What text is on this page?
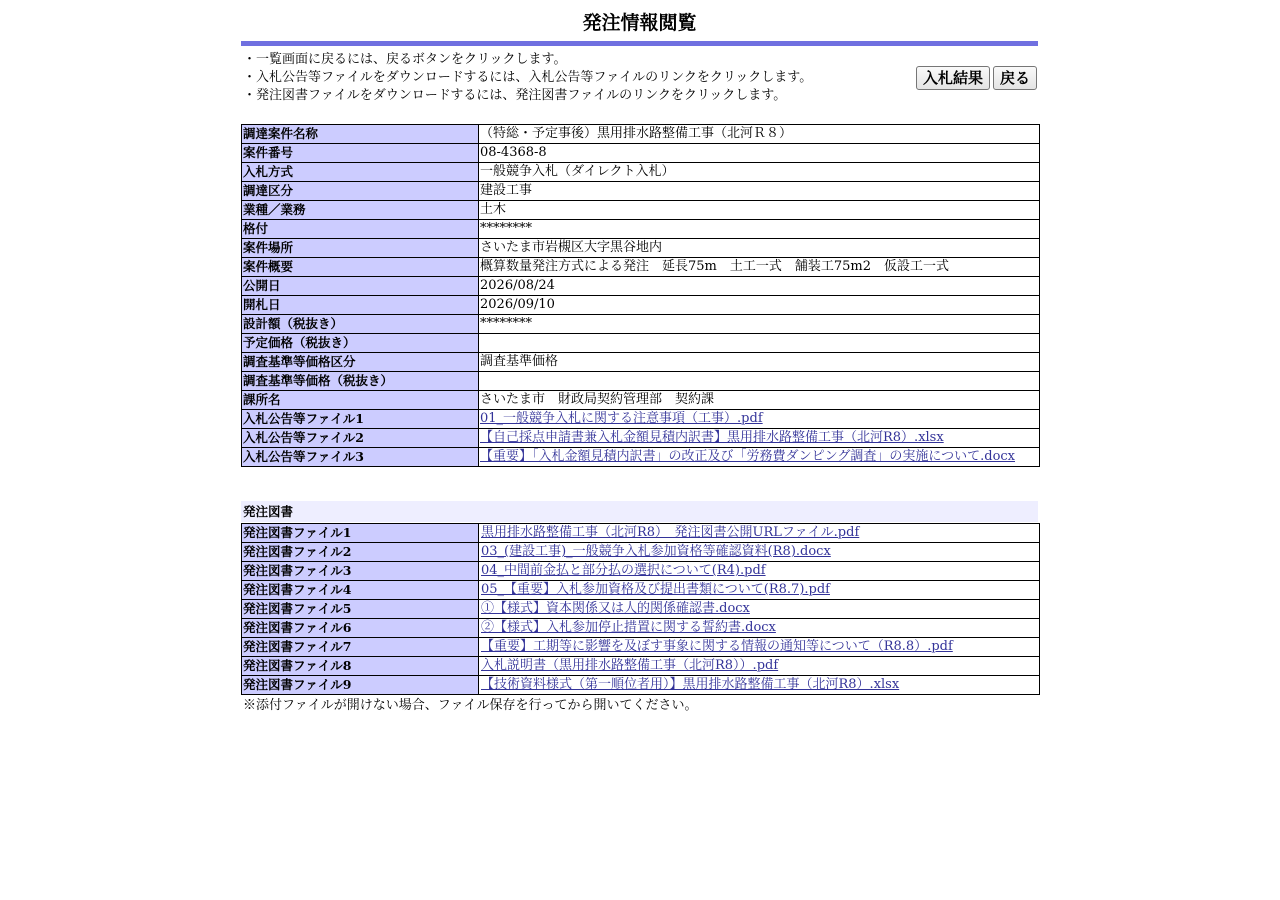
発注情報閲覧
・一覧画面に戻るには、戻るボタンをクリックします。
・入札公告等ファイルをダウンロードするには、入札公告等ファイルのリンクをクリックします。
・発注図書ファイルをダウンロードするには、発注図書ファイルのリンクをクリックします。
入札結果	戻る
調達案件名称	（特総・予定事後）黒用排水路整備工事（北河Ｒ８）
案件番号	08-4368-8
入札方式	一般競争入札（ダイレクト入札）
調達区分	建設工事
業種／業務	土木
格付	********
案件場所	さいたま市岩槻区大字黒谷地内
案件概要	概算数量発注方式による発注　延長75m　土工一式　舗装工75m2　仮設工一式
公開日	2026/08/24
開札日	2026/09/10
設計額（税抜き）	********
予定価格（税抜き）	
調査基準等価格区分	調査基準価格
調査基準等価格（税抜き）	
課所名	さいたま市　財政局契約管理部　契約課
入札公告等ファイル1	01_一般競争入札に関する注意事項（工事）.pdf
入札公告等ファイル2	【自己採点申請書兼入札金額見積内訳書】黒用排水路整備工事（北河R8）.xlsx
入札公告等ファイル3	【重要】「入札金額見積内訳書」の改正及び「労務費ダンピング調査」の実施について.docx
発注図書
発注図書ファイル1	黒用排水路整備工事（北河R8）　発注図書公開URLファイル.pdf
発注図書ファイル2	03_(建設工事)_一般競争入札参加資格等確認資料(R8).docx
発注図書ファイル3	04_中間前金払と部分払の選択について(R4).pdf
発注図書ファイル4	05_【重要】入札参加資格及び提出書類について(R8.7).pdf
発注図書ファイル5	①【様式】資本関係又は人的関係確認書.docx
発注図書ファイル6	②【様式】入札参加停止措置に関する誓約書.docx
発注図書ファイル7	【重要】工期等に影響を及ぼす事象に関する情報の通知等について（R8.8）.pdf
発注図書ファイル8	入札説明書（黒用排水路整備工事（北河R8））.pdf
発注図書ファイル9	【技術資料様式（第一順位者用）】黒用排水路整備工事（北河R8）.xlsx
※添付ファイルが開けない場合、ファイル保存を行ってから開いてください。
